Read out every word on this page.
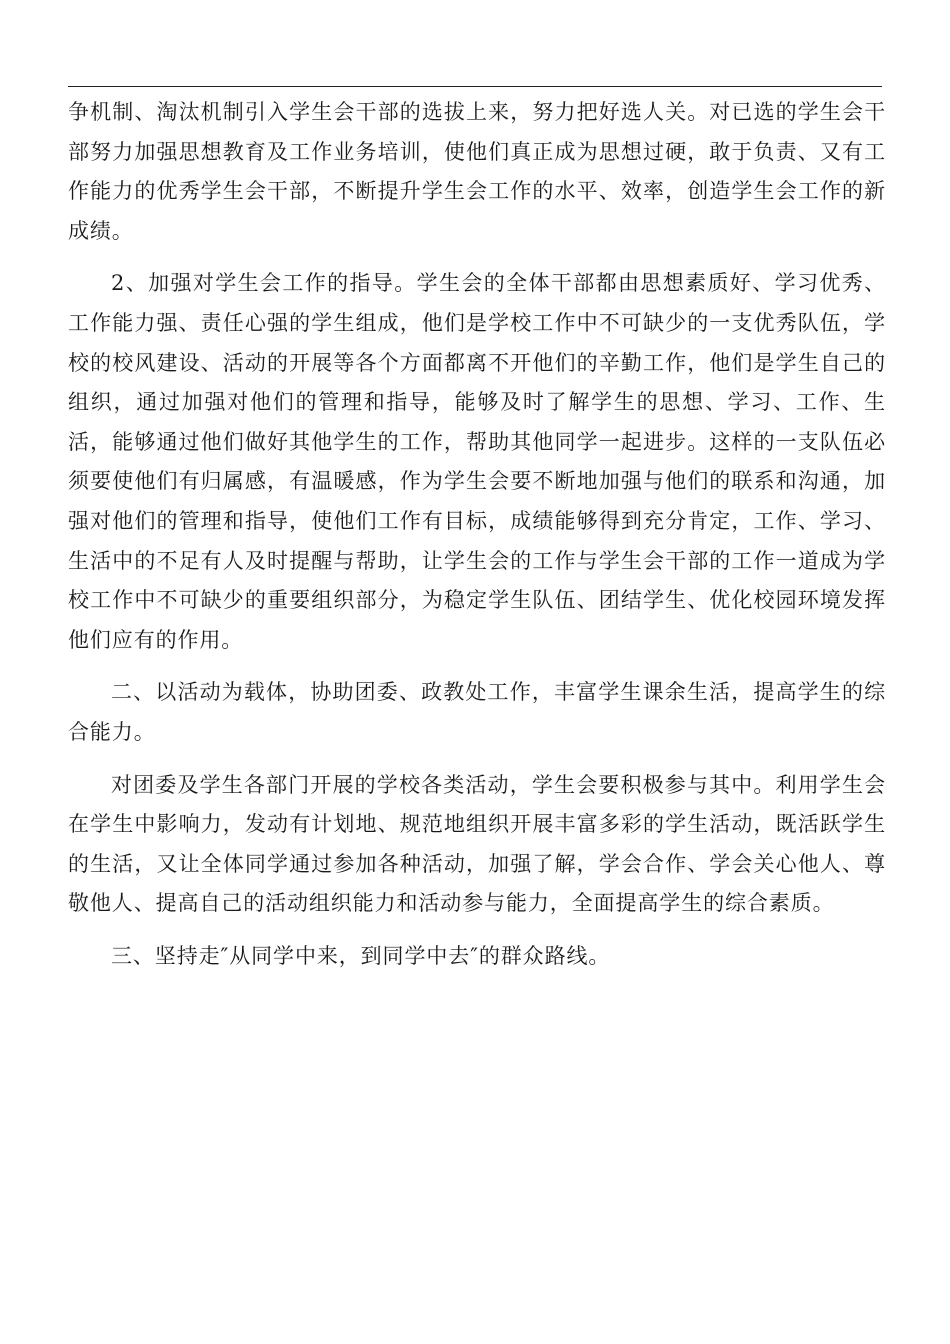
争机制、淘汰机制引入学生会干部的选拔上来，努力把好选人关。对已选的学生会干部努力加强思想教育及工作业务培训，使他们真正成为思想过硬，敢于负责、又有工作能力的优秀学生会干部，不断提升学生会工作的水平、效率，创造学生会工作的新成绩。

2、加强对学生会工作的指导。学生会的全体干部都由思想素质好、学习优秀、工作能力强、责任心强的学生组成，他们是学校工作中不可缺少的一支优秀队伍，学校的校风建设、活动的开展等各个方面都离不开他们的辛勤工作，他们是学生自己的组织，通过加强对他们的管理和指导，能够及时了解学生的思想、学习、工作、生活，能够通过他们做好其他学生的工作，帮助其他同学一起进步。这样的一支队伍必须要使他们有归属感，有温暖感，作为学生会要不断地加强与他们的联系和沟通，加强对他们的管理和指导，使他们工作有目标，成绩能够得到充分肯定，工作、学习、生活中的不足有人及时提醒与帮助，让学生会的工作与学生会干部的工作一道成为学校工作中不可缺少的重要组织部分，为稳定学生队伍、团结学生、优化校园环境发挥他们应有的作用。

二、以活动为载体，协助团委、政教处工作，丰富学生课余生活，提高学生的综合能力。

对团委及学生各部门开展的学校各类活动，学生会要积极参与其中。利用学生会在学生中影响力，发动有计划地、规范地组织开展丰富多彩的学生活动，既活跃学生的生活，又让全体同学通过参加各种活动，加强了解，学会合作、学会关心他人、尊敬他人、提高自己的活动组织能力和活动参与能力，全面提高学生的综合素质。

三、坚持走″从同学中来，到同学中去″的群众路线。
